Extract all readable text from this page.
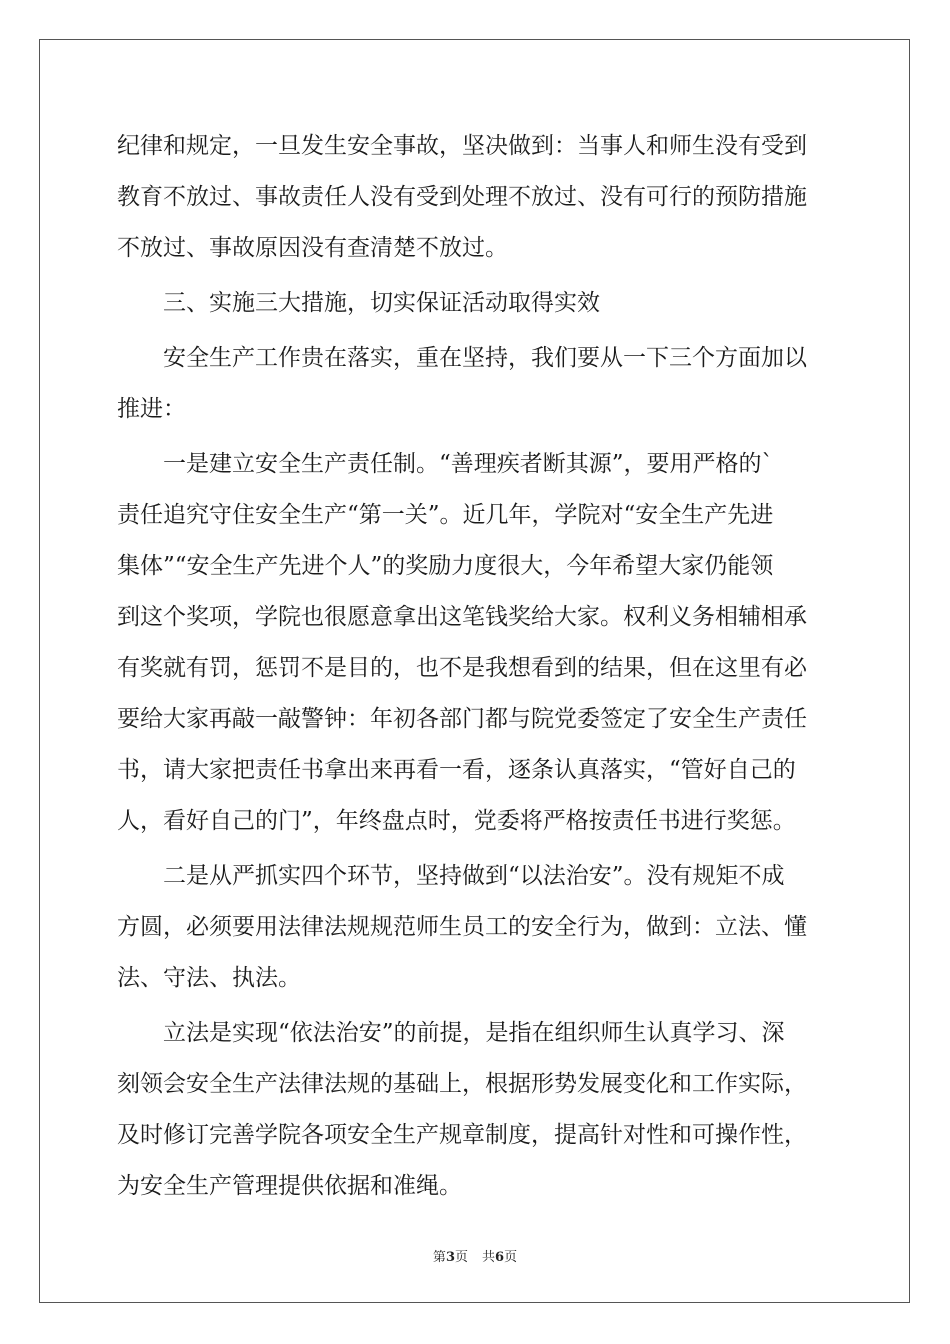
纪律和规定，一旦发生安全事故，坚决做到：当事人和师生没有受到
教育不放过、事故责任人没有受到处理不放过、没有可行的预防措施
不放过、事故原因没有查清楚不放过。
三、实施三大措施，切实保证活动取得实效
安全生产工作贵在落实，重在坚持，我们要从一下三个方面加以
推进：
一是建立安全生产责任制。“善理疾者断其源”，要用严格的`
责任追究守住安全生产“第一关”。近几年，学院对“安全生产先进
集体”“安全生产先进个人”的奖励力度很大，今年希望大家仍能领
到这个奖项，学院也很愿意拿出这笔钱奖给大家。权利义务相辅相承
有奖就有罚，惩罚不是目的，也不是我想看到的结果，但在这里有必
要给大家再敲一敲警钟：年初各部门都与院党委签定了安全生产责任
书，请大家把责任书拿出来再看一看，逐条认真落实，“管好自己的
人，看好自己的门”，年终盘点时，党委将严格按责任书进行奖惩。
二是从严抓实四个环节，坚持做到“以法治安”。没有规矩不成
方圆，必须要用法律法规规范师生员工的安全行为，做到：立法、懂
法、守法、执法。
立法是实现“依法治安”的前提，是指在组织师生认真学习、深
刻领会安全生产法律法规的基础上，根据形势发展变化和工作实际，
及时修订完善学院各项安全生产规章制度，提高针对性和可操作性，
为安全生产管理提供依据和准绳。
第3页 共6页
